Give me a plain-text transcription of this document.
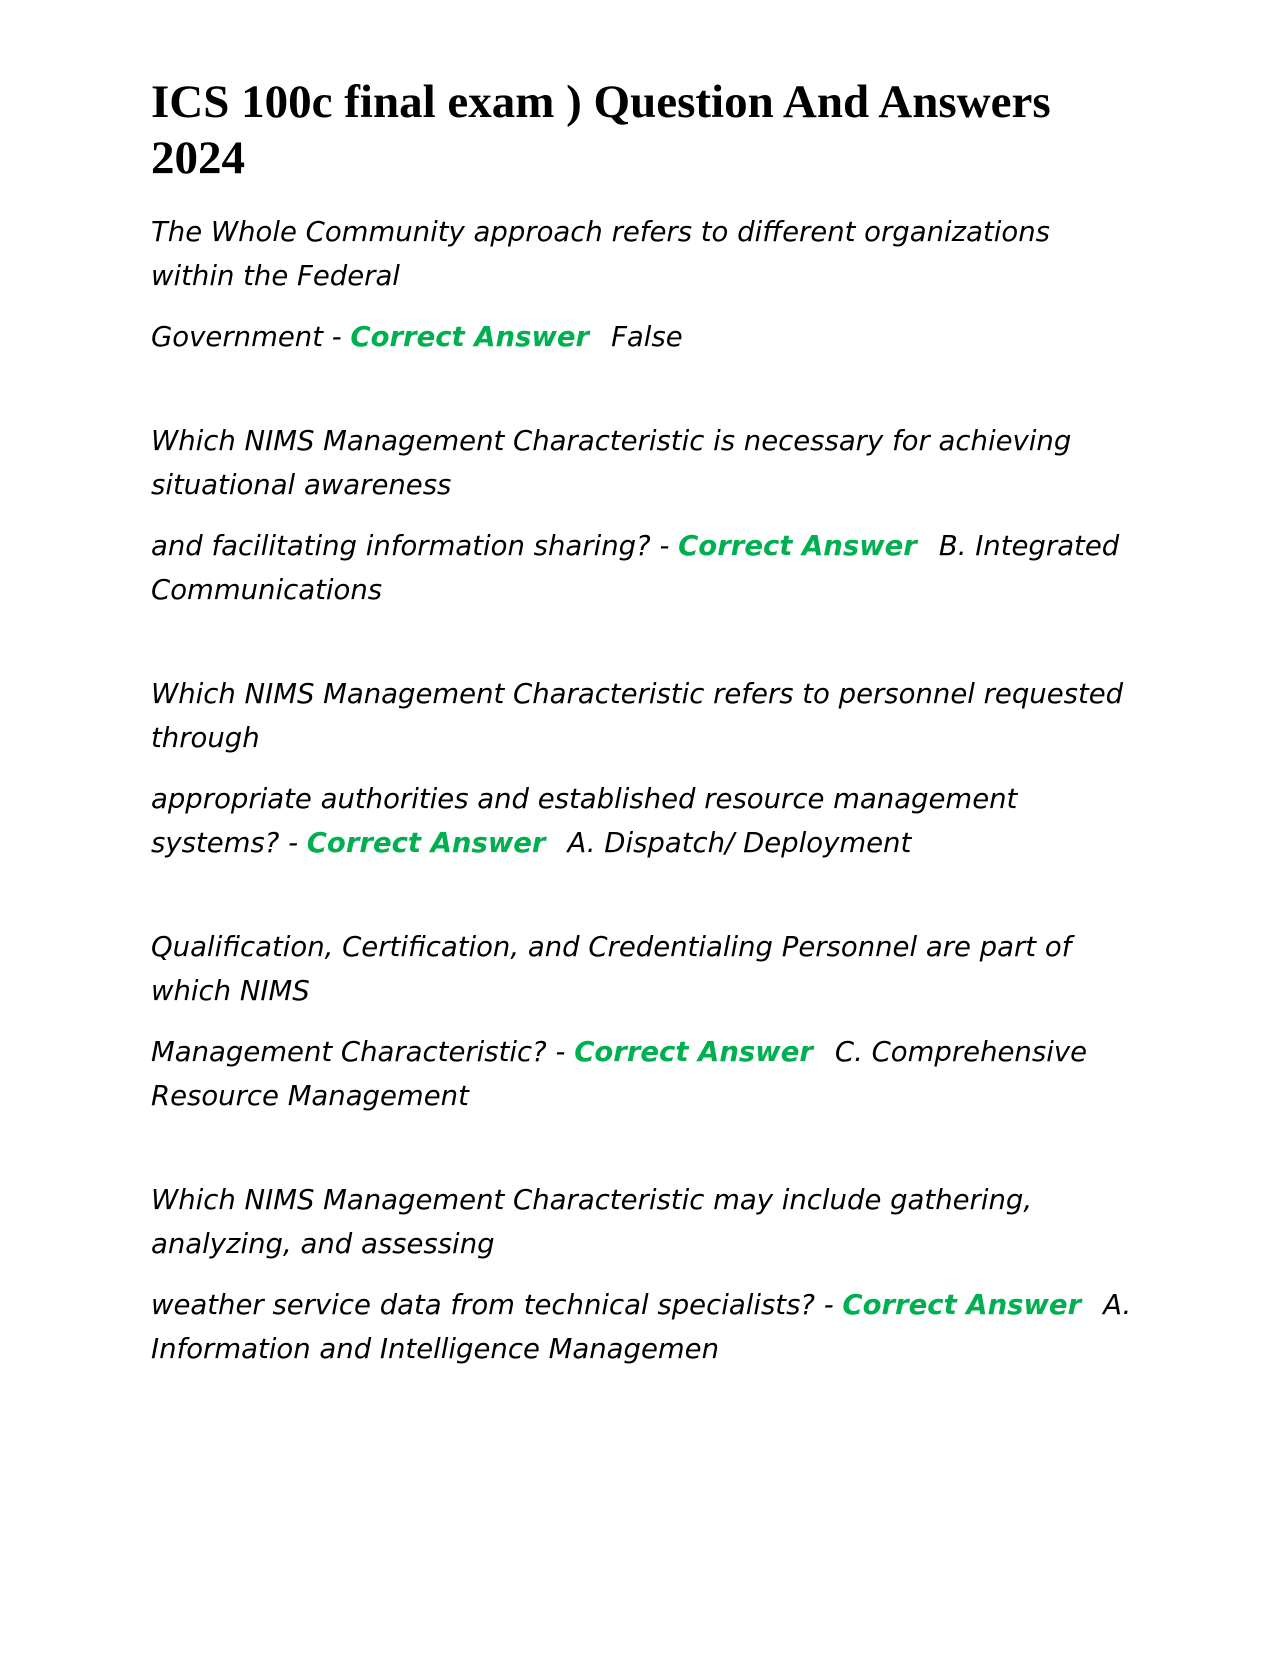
ICS 100c final exam ) Question And Answers 2024

The Whole Community approach refers to different organizations within the Federal

Government - Correct Answer False

Which NIMS Management Characteristic is necessary for achieving situational awareness

and facilitating information sharing? - Correct Answer B. Integrated Communications

Which NIMS Management Characteristic refers to personnel requested through

appropriate authorities and established resource management systems? - Correct Answer A. Dispatch/ Deployment

Qualification, Certification, and Credentialing Personnel are part of which NIMS

Management Characteristic? - Correct Answer C. Comprehensive Resource Management

Which NIMS Management Characteristic may include gathering, analyzing, and assessing

weather service data from technical specialists? - Correct Answer A. Information and Intelligence Managemen
